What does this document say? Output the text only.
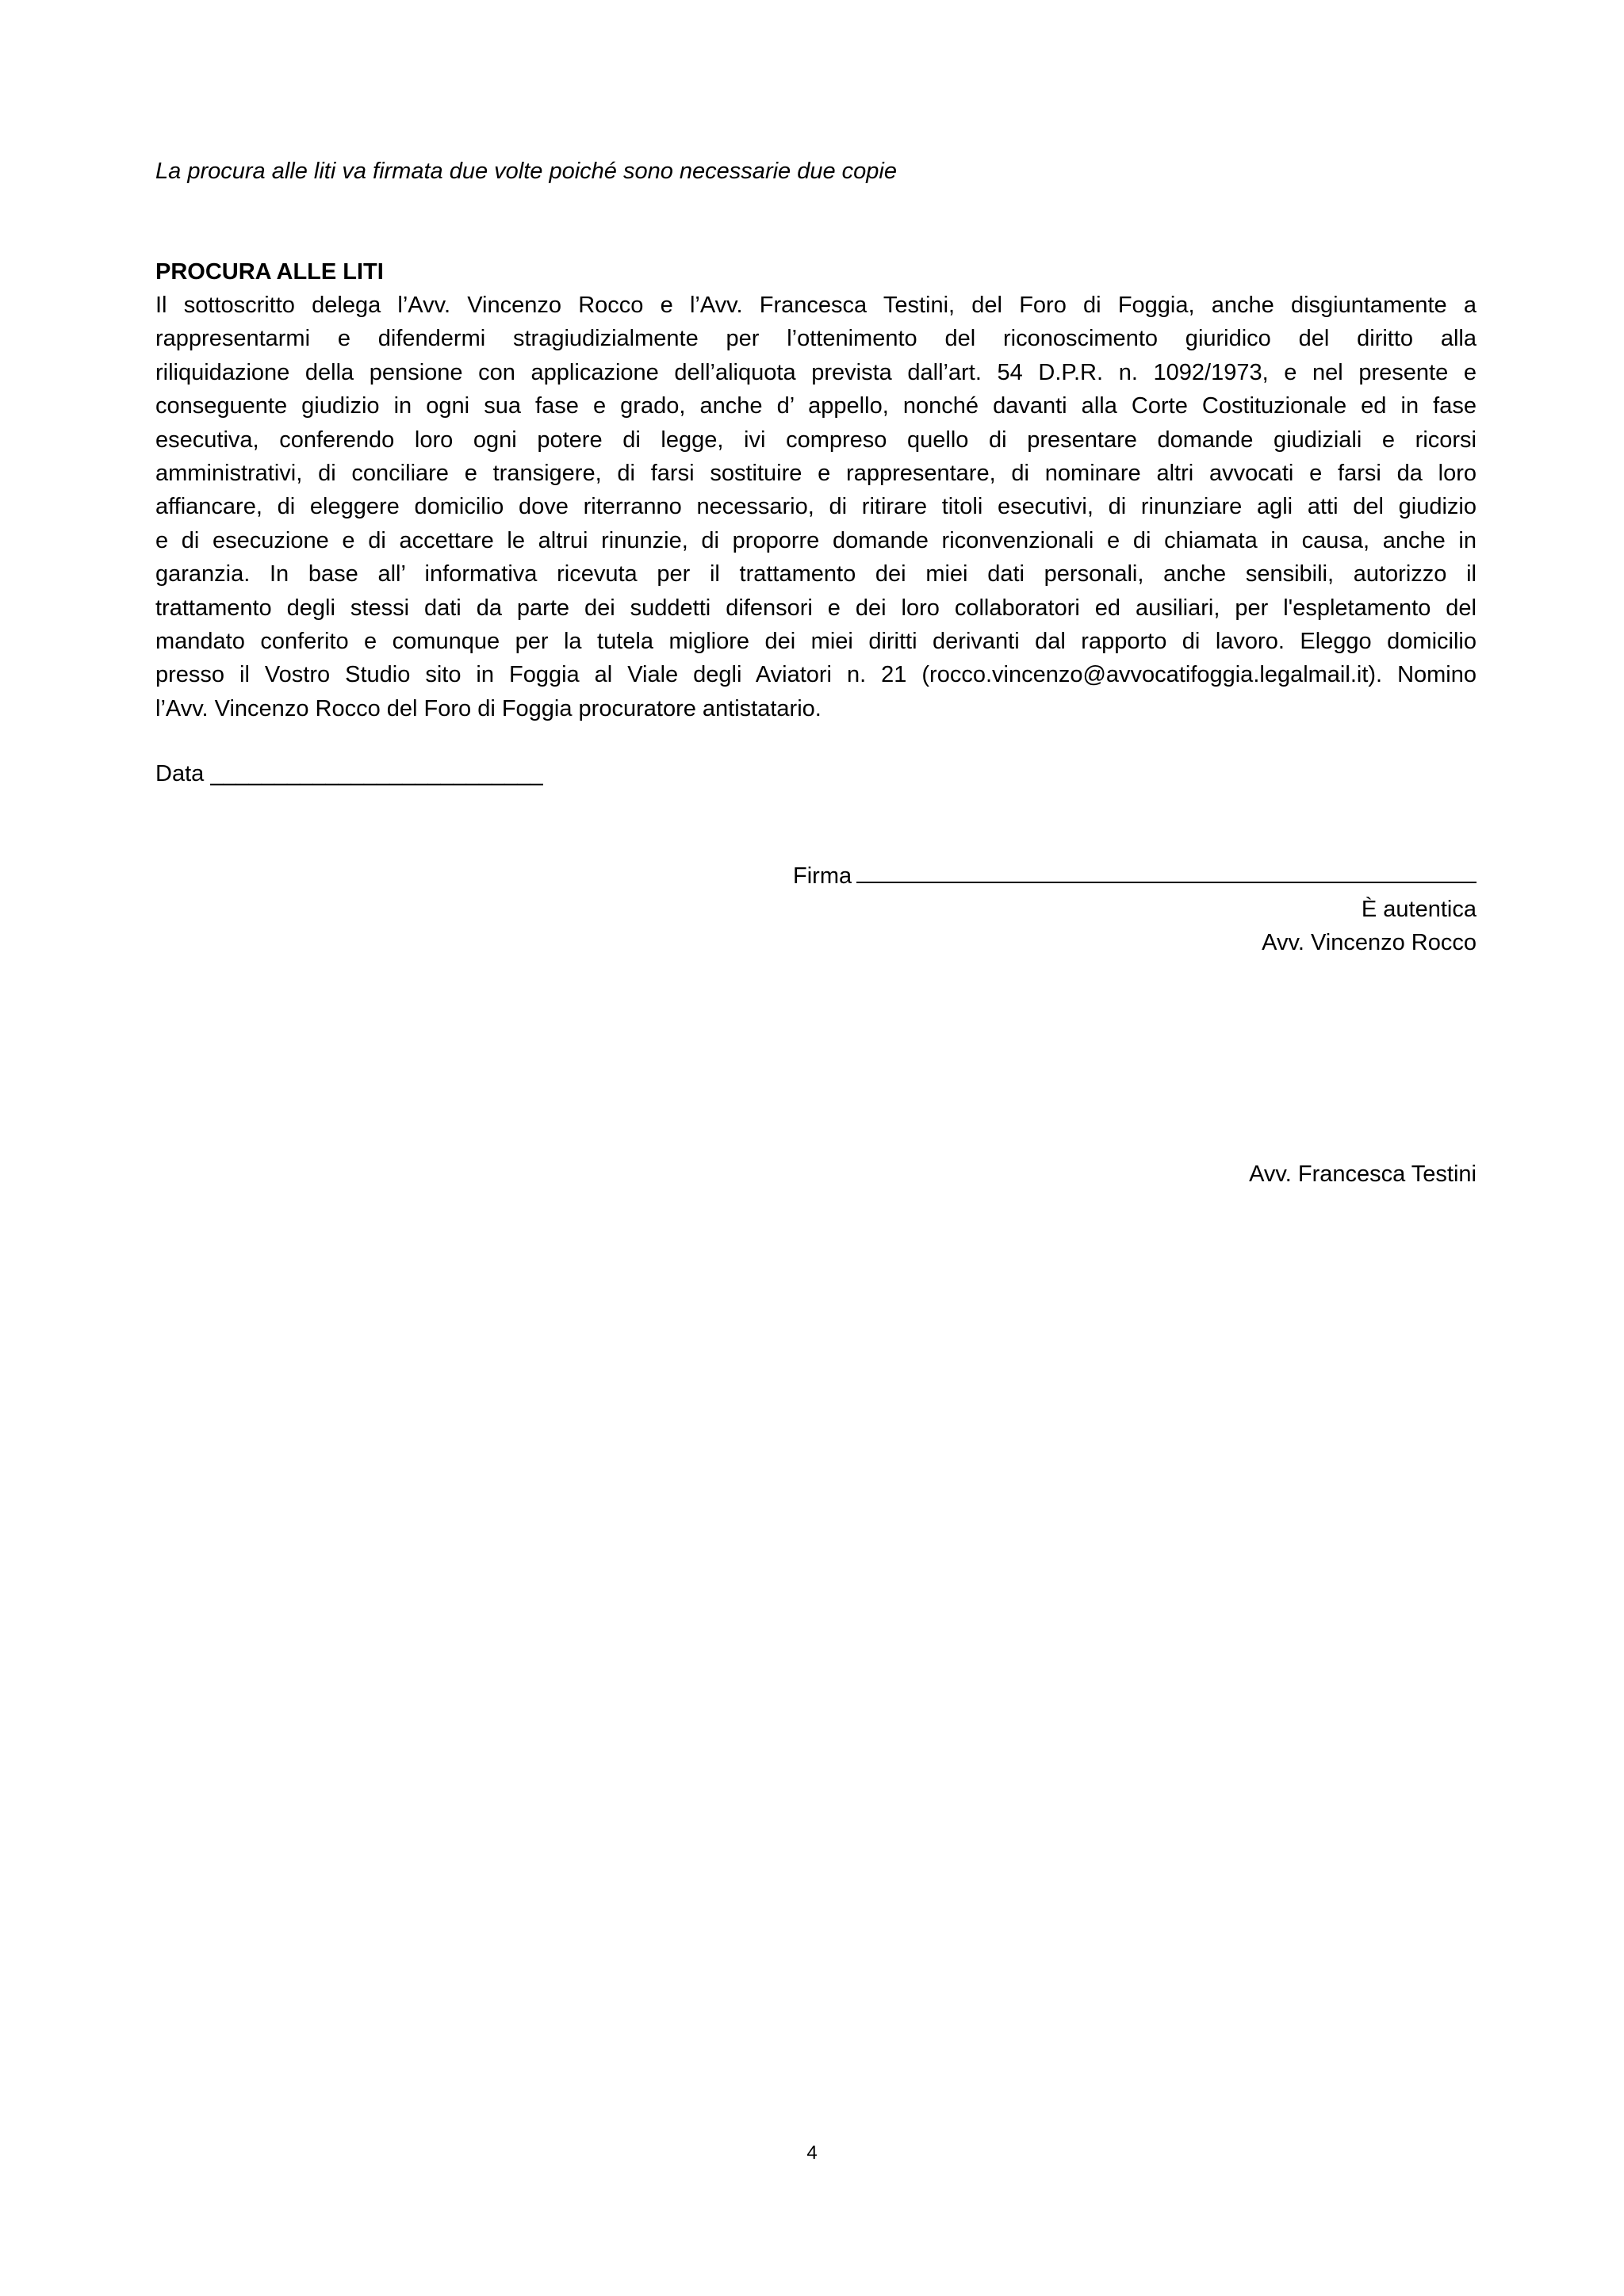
La procura alle liti va firmata due volte poiché sono necessarie due copie
PROCURA ALLE LITI
Il sottoscritto delega l’Avv. Vincenzo Rocco e l’Avv. Francesca Testini, del Foro di Foggia, anche disgiuntamente a
rappresentarmi e difendermi stragiudizialmente per l’ottenimento del riconoscimento giuridico del diritto alla
riliquidazione della pensione con applicazione dell’aliquota prevista dall’art. 54 D.P.R. n. 1092/1973, e nel presente e
conseguente giudizio in ogni sua fase e grado, anche d’ appello, nonché davanti alla Corte Costituzionale ed in fase
esecutiva, conferendo loro ogni potere di legge, ivi compreso quello di presentare domande giudiziali e ricorsi
amministrativi, di conciliare e transigere, di farsi sostituire e rappresentare, di nominare altri avvocati e farsi da loro
affiancare, di eleggere domicilio dove riterranno necessario, di ritirare titoli esecutivi, di rinunziare agli atti del giudizio
e di esecuzione e di accettare le altrui rinunzie, di proporre domande riconvenzionali e di chiamata in causa, anche in
garanzia. In base all’ informativa ricevuta per il trattamento dei miei dati personali, anche sensibili, autorizzo il
trattamento degli stessi dati da parte dei suddetti difensori e dei loro collaboratori ed ausiliari, per l'espletamento del
mandato conferito e comunque per la tutela migliore dei miei diritti derivanti dal rapporto di lavoro. Eleggo domicilio
presso il Vostro Studio sito in Foggia al Viale degli Aviatori n. 21 (rocco.vincenzo@avvocatifoggia.legalmail.it). Nomino
l’Avv. Vincenzo Rocco del Foro di Foggia procuratore antistatario.
Data __________________________
Firma
È autentica
Avv. Vincenzo Rocco
Avv. Francesca Testini
4
